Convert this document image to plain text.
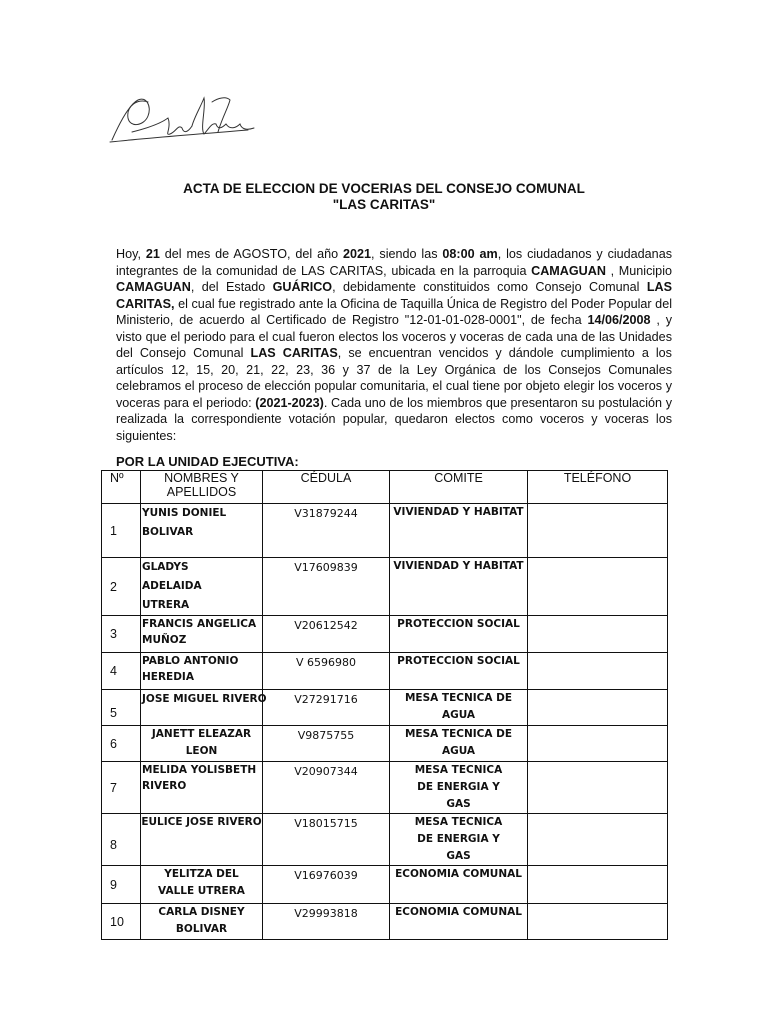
ACTA DE ELECCION DE VOCERIAS DEL CONSEJO COMUNAL
"LAS CARITAS"
Hoy, 21 del mes de AGOSTO, del año 2021, siendo las 08:00 am, los ciudadanos y ciudadanas integrantes de la comunidad de LAS CARITAS, ubicada en la parroquia CAMAGUAN , Municipio CAMAGUAN, del Estado GUÁRICO, debidamente constituidos como Consejo Comunal LAS CARITAS, el cual fue registrado ante la Oficina de Taquilla Única de Registro del Poder Popular del Ministerio, de acuerdo al Certificado de Registro "12-01-01-028-0001", de fecha 14/06/2008 , y visto que el periodo para el cual fueron electos los voceros y voceras de cada una de las Unidades del Consejo Comunal LAS CARITAS, se encuentran vencidos y dándole cumplimiento a los artículos 12, 15, 20, 21, 22, 23, 36 y 37 de la Ley Orgánica de los Consejos Comunales celebramos el proceso de elección popular comunitaria, el cual tiene por objeto elegir los voceros y voceras para el periodo: (2021-2023). Cada uno de los miembros que presentaron su postulación y realizada la correspondiente votación popular, quedaron electos como voceros y voceras los siguientes:
POR LA UNIDAD EJECUTIVA:
Nº	NOMBRES Y APELLIDOS	CÉDULA	COMITE	TELÉFONO
1	YUNIS DONIEL BOLIVAR	V31879244	VIVIENDAD Y HABITAT	
2	GLADYS ADELAIDA UTRERA	V17609839	VIVIENDAD Y HABITAT	
3	FRANCIS ANGELICA MUÑOZ	V20612542	PROTECCION SOCIAL	
4	PABLO ANTONIO HEREDIA	V 6596980	PROTECCION SOCIAL	
5	JOSE MIGUEL RIVERO	V27291716	MESA TECNICA DE AGUA	
6	JANETT ELEAZAR LEON	V9875755	MESA TECNICA DE AGUA	
7	MELIDA YOLISBETH RIVERO	V20907344	MESA TECNICA DE ENERGIA Y GAS	
8	EULICE JOSE RIVERO	V18015715	MESA TECNICA DE ENERGIA Y GAS	
9	YELITZA DEL VALLE UTRERA	V16976039	ECONOMIA COMUNAL	
10	CARLA DISNEY BOLIVAR	V29993818	ECONOMIA COMUNAL	
